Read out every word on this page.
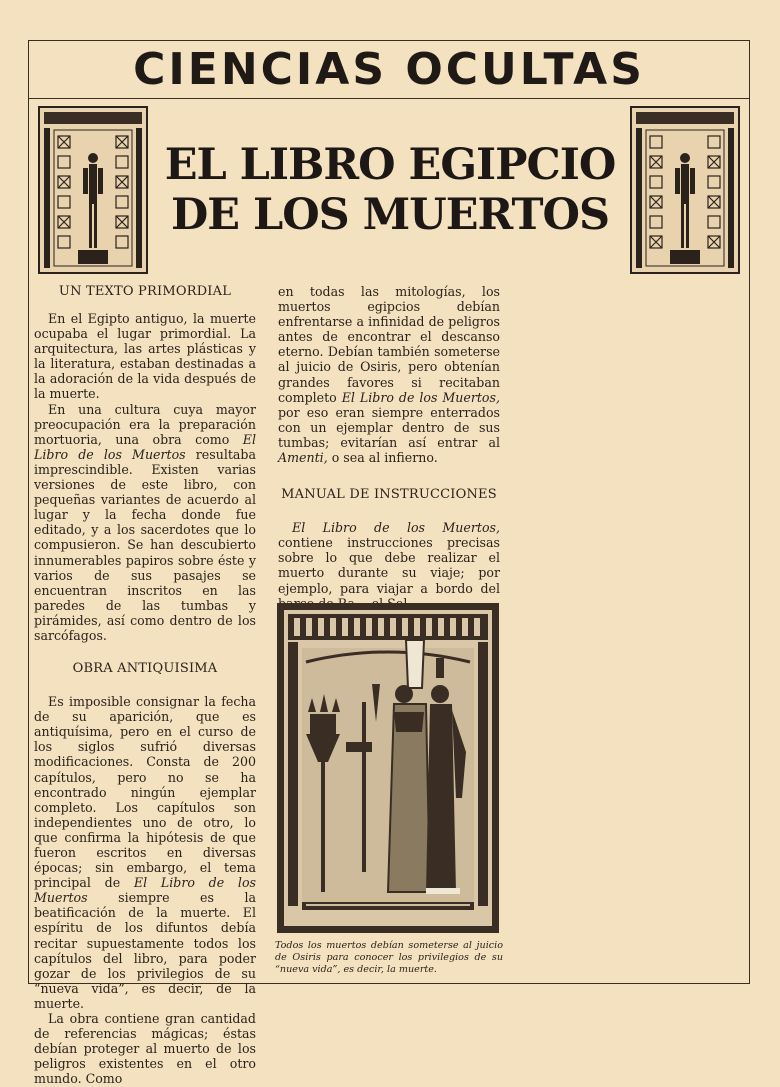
CIENCIAS OCULTAS
EL LIBRO EGIPCIO
DE LOS MUERTOS
UN TEXTO PRIMORDIAL

En el Egipto antiguo, la muerte ocupaba el lugar primordial. La arquitectura, las artes plásticas y la literatura, estaban destinadas a la adoración de la vida después de la muerte.

En una cultura cuya mayor preocupación era la preparación mortuoria, una obra como El Libro de los Muertos resultaba imprescindible. Existen varias versiones de este libro, con pequeñas variantes de acuerdo al lugar y la fecha donde fue editado, y a los sacerdotes que lo compusieron. Se han descubierto innumerables papiros sobre éste y varios de sus pasajes se encuentran inscritos en las paredes de las tumbas y pirámides, así como dentro de los sarcófagos.

OBRA ANTIQUISIMA

Es imposible consignar la fecha de su aparición, que es antiquísima, pero en el curso de los siglos sufrió diversas modificaciones. Consta de 200 capítulos, pero no se ha encontrado ningún ejemplar completo. Los capítulos son independientes uno de otro, lo que confirma la hipótesis de que fueron escritos en diversas épocas; sin embargo, el tema principal de El Libro de los Muertos siempre es la beatificación de la muerte. El espíritu de los difuntos debía recitar supuestamente todos los capítulos del libro, para poder gozar de los privilegios de su “nueva vida”, es decir, de la muerte.

La obra contiene gran cantidad de referencias mágicas; éstas debían proteger al muerto de los peligros existentes en el otro mundo. Como

en todas las mitologías, los muertos egipcios debían enfrentarse a infinidad de peligros antes de encontrar el descanso eterno. Debían también someterse al juicio de Osiris, pero obtenían grandes favores si recitaban completo El Libro de los Muertos, por eso eran siempre enterrados con un ejemplar dentro de sus tumbas; evitarían así entrar al Amenti, o sea al infierno.

MANUAL DE INSTRUCCIONES

El Libro de los Muertos, contiene instrucciones precisas sobre lo que debe realizar el muerto durante su viaje; por ejemplo, para viajar a bordo del

Todos los muertos debían someterse al juicio de Osiris para conocer los privilegios de su “nueva vida”, es decir, la muerte.
